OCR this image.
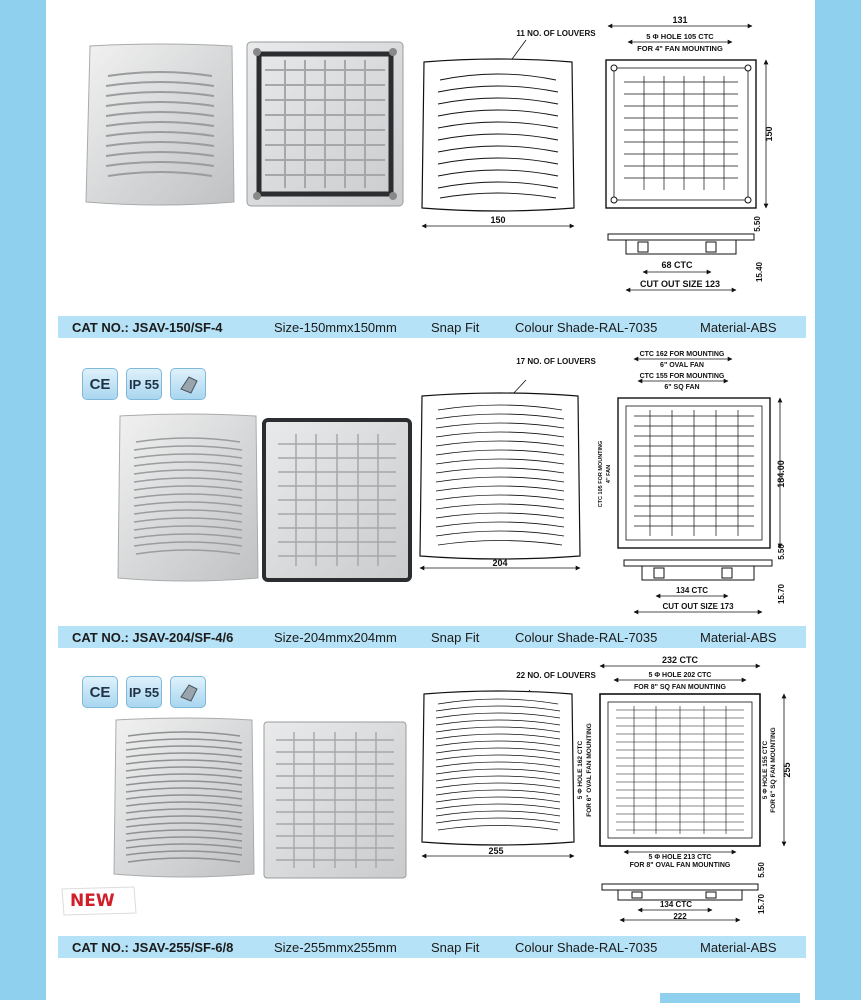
11 NO. OF LOUVERS
150
131
5 Φ HOLE 105 CTC
FOR 4" FAN MOUNTING
150
5.50
15.40
68 CTC
CUT OUT SIZE 123
CAT NO.: JSAV-150/SF-4	Size-150mmx150mm	Snap Fit	Colour Shade-RAL-7035	Material-ABS
CE IP 55
17 NO. OF LOUVERS
204
CTC 162 FOR MOUNTING
6" OVAL FAN
CTC 155 FOR MOUNTING
6" SQ FAN
CTC 105 FOR MOUNTING 4" FAN	184.00
5.50
15.70
134 CTC
CUT OUT SIZE 173
CAT NO.: JSAV-204/SF-4/6	Size-204mmx204mm	Snap Fit	Colour Shade-RAL-7035	Material-ABS
CE IP 55
NEW
22 NO. OF LOUVERS
255
232 CTC
5 Φ HOLE 202 CTC
FOR 8" SQ FAN MOUNTING
5 Φ HOLE 162 CTC FOR 6" OVAL FAN MOUNTING	5 Φ HOLE 155 CTC FOR 6" SQ FAN MOUNTING 255
5 Φ HOLE 213 CTC
FOR 8" OVAL FAN MOUNTING	5.50
15.70
134 CTC
222
CAT NO.: JSAV-255/SF-6/8	Size-255mmx255mm	Snap Fit	Colour Shade-RAL-7035	Material-ABS
